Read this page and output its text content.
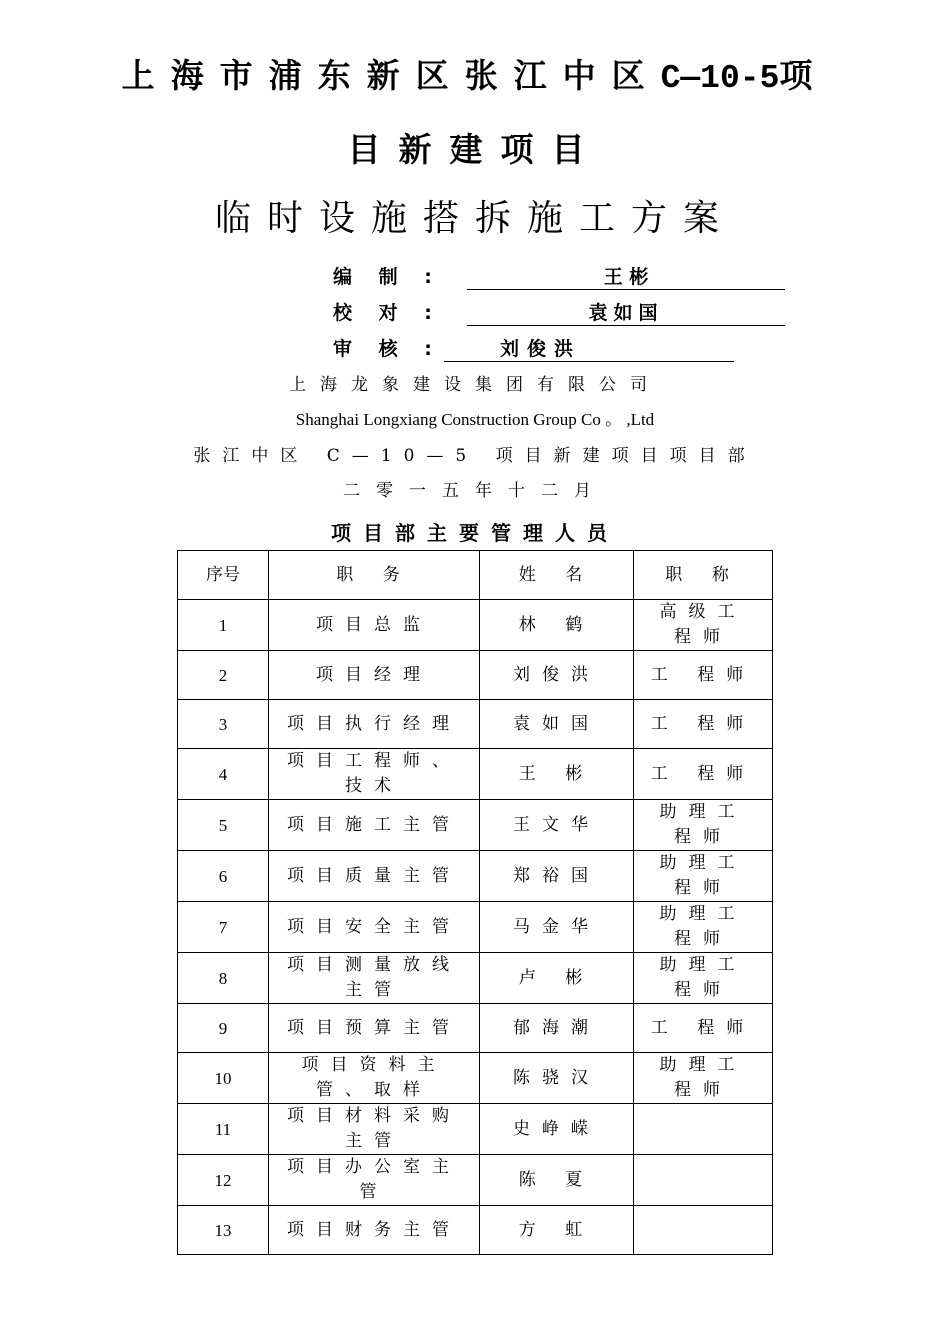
上海市浦东新区张江中区C—10-5项
目新建项目
临时设施搭拆施工方案
编 制 :	王 彬
校 对 :	袁如国
审 核 :	刘俊洪
上海龙象建设集团有限公司
Shanghai Longxiang Construction Group Co 。 ,Ltd
张江中区 C—10—5 项目新建项目项目部
二零一五年十二月
项目部主要管理人员
序号	职 务	姓 名	职 称
1	项目总监	林 鹤	高级工程师
2	项目经理	刘俊洪	工 程师
3	项目执行经理	袁如国	工 程师
4	项目工程师、技术	王 彬	工 程师
5	项目施工主管	王文华	助理工程师
6	项目质量主管	郑裕国	助理工程师
7	项目安全主管	马金华	助理工程师
8	项目测量放线主管	卢 彬	助理工程师
9	项目预算主管	郁海潮	工 程师
10	项目资料主管、取样	陈骁汉	助理工程师
11	项目材料采购主管	史峥嵘	
12	项目办公室主管	陈 夏	
13	项目财务主管	方 虹	
